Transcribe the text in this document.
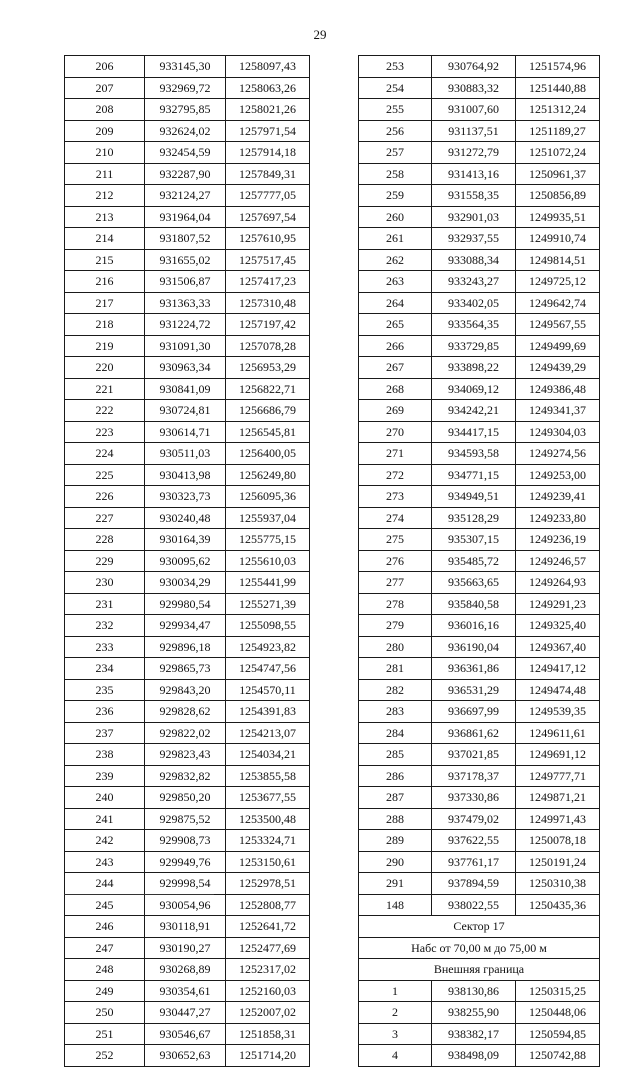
29
206	933145,30	1258097,43
207	932969,72	1258063,26
208	932795,85	1258021,26
209	932624,02	1257971,54
210	932454,59	1257914,18
211	932287,90	1257849,31
212	932124,27	1257777,05
213	931964,04	1257697,54
214	931807,52	1257610,95
215	931655,02	1257517,45
216	931506,87	1257417,23
217	931363,33	1257310,48
218	931224,72	1257197,42
219	931091,30	1257078,28
220	930963,34	1256953,29
221	930841,09	1256822,71
222	930724,81	1256686,79
223	930614,71	1256545,81
224	930511,03	1256400,05
225	930413,98	1256249,80
226	930323,73	1256095,36
227	930240,48	1255937,04
228	930164,39	1255775,15
229	930095,62	1255610,03
230	930034,29	1255441,99
231	929980,54	1255271,39
232	929934,47	1255098,55
233	929896,18	1254923,82
234	929865,73	1254747,56
235	929843,20	1254570,11
236	929828,62	1254391,83
237	929822,02	1254213,07
238	929823,43	1254034,21
239	929832,82	1253855,58
240	929850,20	1253677,55
241	929875,52	1253500,48
242	929908,73	1253324,71
243	929949,76	1253150,61
244	929998,54	1252978,51
245	930054,96	1252808,77
246	930118,91	1252641,72
247	930190,27	1252477,69
248	930268,89	1252317,02
249	930354,61	1252160,03
250	930447,27	1252007,02
251	930546,67	1251858,31
252	930652,63	1251714,20
253	930764,92	1251574,96
254	930883,32	1251440,88
255	931007,60	1251312,24
256	931137,51	1251189,27
257	931272,79	1251072,24
258	931413,16	1250961,37
259	931558,35	1250856,89
260	932901,03	1249935,51
261	932937,55	1249910,74
262	933088,34	1249814,51
263	933243,27	1249725,12
264	933402,05	1249642,74
265	933564,35	1249567,55
266	933729,85	1249499,69
267	933898,22	1249439,29
268	934069,12	1249386,48
269	934242,21	1249341,37
270	934417,15	1249304,03
271	934593,58	1249274,56
272	934771,15	1249253,00
273	934949,51	1249239,41
274	935128,29	1249233,80
275	935307,15	1249236,19
276	935485,72	1249246,57
277	935663,65	1249264,93
278	935840,58	1249291,23
279	936016,16	1249325,40
280	936190,04	1249367,40
281	936361,86	1249417,12
282	936531,29	1249474,48
283	936697,99	1249539,35
284	936861,62	1249611,61
285	937021,85	1249691,12
286	937178,37	1249777,71
287	937330,86	1249871,21
288	937479,02	1249971,43
289	937622,55	1250078,18
290	937761,17	1250191,24
291	937894,59	1250310,38
148	938022,55	1250435,36
Сектор 17		
Набс от 70,00 м до 75,00 м		
Внешняя граница		
1	938130,86	1250315,25
2	938255,90	1250448,06
3	938382,17	1250594,85
4	938498,09	1250742,88
